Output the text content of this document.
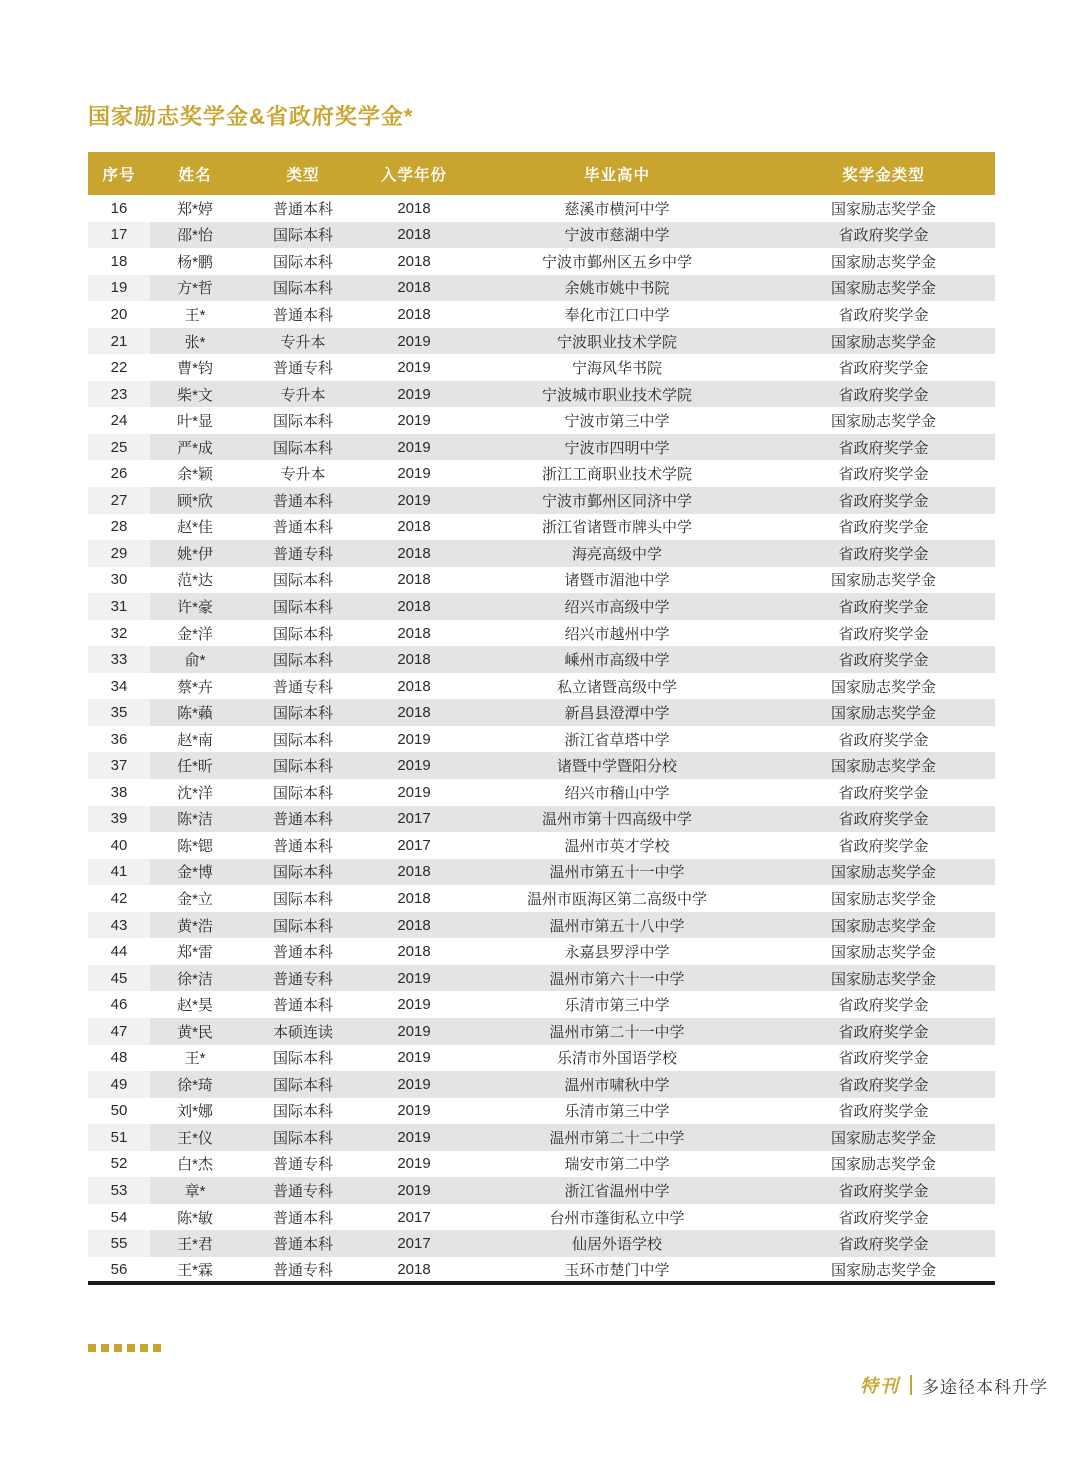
国家励志奖学金&省政府奖学金*
序号	姓名	类型	入学年份	毕业高中	奖学金类型
16	郑*婷	普通本科	2018	慈溪市横河中学	国家励志奖学金
17	邵*怡	国际本科	2018	宁波市慈湖中学	省政府奖学金
18	杨*鹏	国际本科	2018	宁波市鄞州区五乡中学	国家励志奖学金
19	方*哲	国际本科	2018	余姚市姚中书院	国家励志奖学金
20	王*	普通本科	2018	奉化市江口中学	省政府奖学金
21	张*	专升本	2019	宁波职业技术学院	国家励志奖学金
22	曹*钧	普通专科	2019	宁海风华书院	省政府奖学金
23	柴*文	专升本	2019	宁波城市职业技术学院	省政府奖学金
24	叶*显	国际本科	2019	宁波市第三中学	国家励志奖学金
25	严*成	国际本科	2019	宁波市四明中学	省政府奖学金
26	余*颖	专升本	2019	浙江工商职业技术学院	省政府奖学金
27	顾*欣	普通本科	2019	宁波市鄞州区同济中学	省政府奖学金
28	赵*佳	普通本科	2018	浙江省诸暨市牌头中学	省政府奖学金
29	姚*伊	普通专科	2018	海亮高级中学	省政府奖学金
30	范*达	国际本科	2018	诸暨市湄池中学	国家励志奖学金
31	许*豪	国际本科	2018	绍兴市高级中学	省政府奖学金
32	金*洋	国际本科	2018	绍兴市越州中学	省政府奖学金
33	俞*	国际本科	2018	嵊州市高级中学	省政府奖学金
34	蔡*卉	普通专科	2018	私立诸暨高级中学	国家励志奖学金
35	陈*藾	国际本科	2018	新昌县澄潭中学	国家励志奖学金
36	赵*南	国际本科	2019	浙江省草塔中学	省政府奖学金
37	任*昕	国际本科	2019	诸暨中学暨阳分校	国家励志奖学金
38	沈*洋	国际本科	2019	绍兴市稽山中学	省政府奖学金
39	陈*洁	普通本科	2017	温州市第十四高级中学	省政府奖学金
40	陈*锶	普通本科	2017	温州市英才学校	省政府奖学金
41	金*博	国际本科	2018	温州市第五十一中学	国家励志奖学金
42	金*立	国际本科	2018	温州市瓯海区第二高级中学	国家励志奖学金
43	黄*浩	国际本科	2018	温州市第五十八中学	国家励志奖学金
44	郑*雷	普通本科	2018	永嘉县罗浮中学	国家励志奖学金
45	徐*洁	普通专科	2019	温州市第六十一中学	国家励志奖学金
46	赵*昊	普通本科	2019	乐清市第三中学	省政府奖学金
47	黄*民	本硕连读	2019	温州市第二十一中学	省政府奖学金
48	王*	国际本科	2019	乐清市外国语学校	省政府奖学金
49	徐*琦	国际本科	2019	温州市啸秋中学	省政府奖学金
50	刘*娜	国际本科	2019	乐清市第三中学	省政府奖学金
51	王*仪	国际本科	2019	温州市第二十二中学	国家励志奖学金
52	白*杰	普通专科	2019	瑞安市第二中学	国家励志奖学金
53	章*	普通专科	2019	浙江省温州中学	省政府奖学金
54	陈*敏	普通本科	2017	台州市蓬街私立中学	省政府奖学金
55	王*君	普通本科	2017	仙居外语学校	省政府奖学金
56	王*霖	普通专科	2018	玉环市楚门中学	国家励志奖学金
特刊 多途径本科升学
